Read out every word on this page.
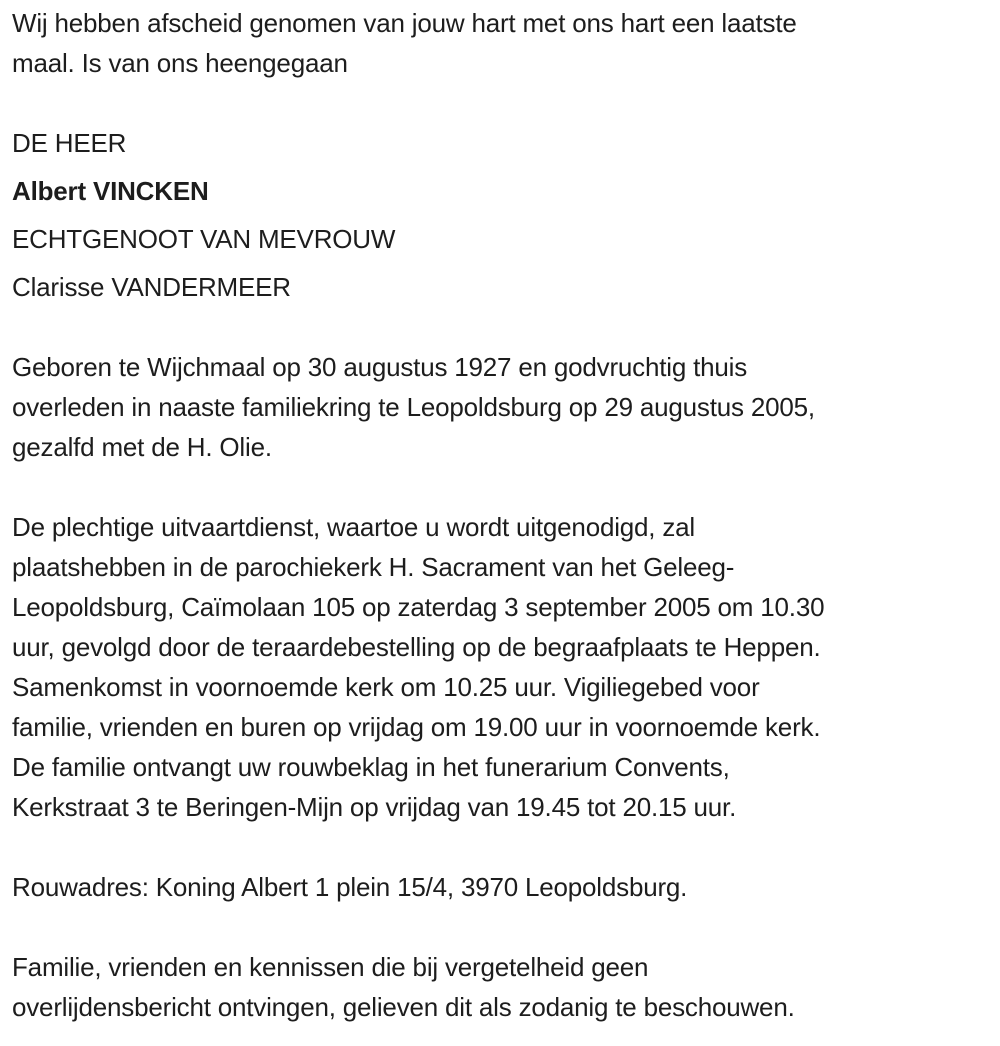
Wij hebben afscheid genomen van jouw hart met ons hart een laatste
maal. Is van ons heengegaan

DE HEER
Albert VINCKEN
ECHTGENOOT VAN MEVROUW
Clarisse VANDERMEER

Geboren te Wijchmaal op 30 augustus 1927 en godvruchtig thuis
overleden in naaste familiekring te Leopoldsburg op 29 augustus 2005,
gezalfd met de H. Olie.

De plechtige uitvaartdienst, waartoe u wordt uitgenodigd, zal
plaatshebben in de parochiekerk H. Sacrament van het Geleeg-
Leopoldsburg, Caïmolaan 105 op zaterdag 3 september 2005 om 10.30
uur, gevolgd door de teraardebestelling op de begraafplaats te Heppen.
Samenkomst in voornoemde kerk om 10.25 uur. Vigiliegebed voor
familie, vrienden en buren op vrijdag om 19.00 uur in voornoemde kerk.
De familie ontvangt uw rouwbeklag in het funerarium Convents,
Kerkstraat 3 te Beringen-Mijn op vrijdag van 19.45 tot 20.15 uur.

Rouwadres: Koning Albert 1 plein 15/4, 3970 Leopoldsburg.

Familie, vrienden en kennissen die bij vergetelheid geen
overlijdensbericht ontvingen, gelieven dit als zodanig te beschouwen.
